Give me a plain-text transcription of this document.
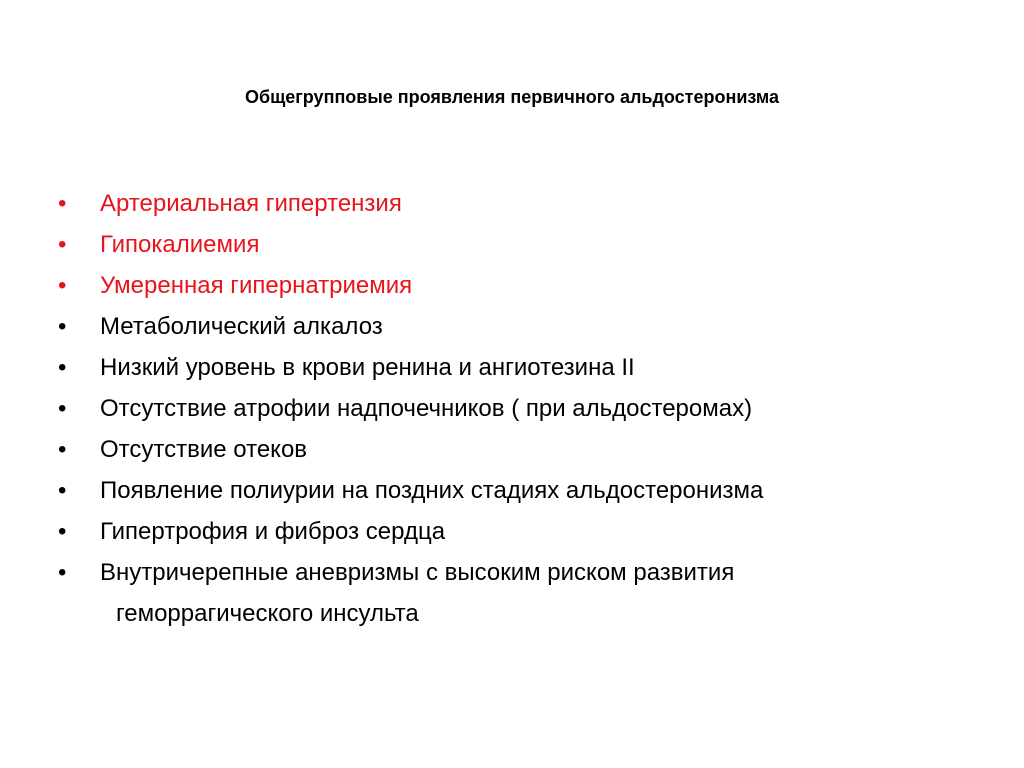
Общегрупповые проявления первичного альдостеронизма
•	Артериальная гипертензия
•	Гипокалиемия
•	Умеренная гипернатриемия
•	Метаболический алкалоз
•	Низкий уровень в крови ренина и ангиотезина II
•	Отсутствие атрофии надпочечников ( при альдостеромах)
•	Отсутствие отеков
•	Появление полиурии на поздних стадиях альдостеронизма
•	Гипертрофия и фиброз сердца
•	Внутричерепные аневризмы с высоким риском развития
геморрагического инсульта
